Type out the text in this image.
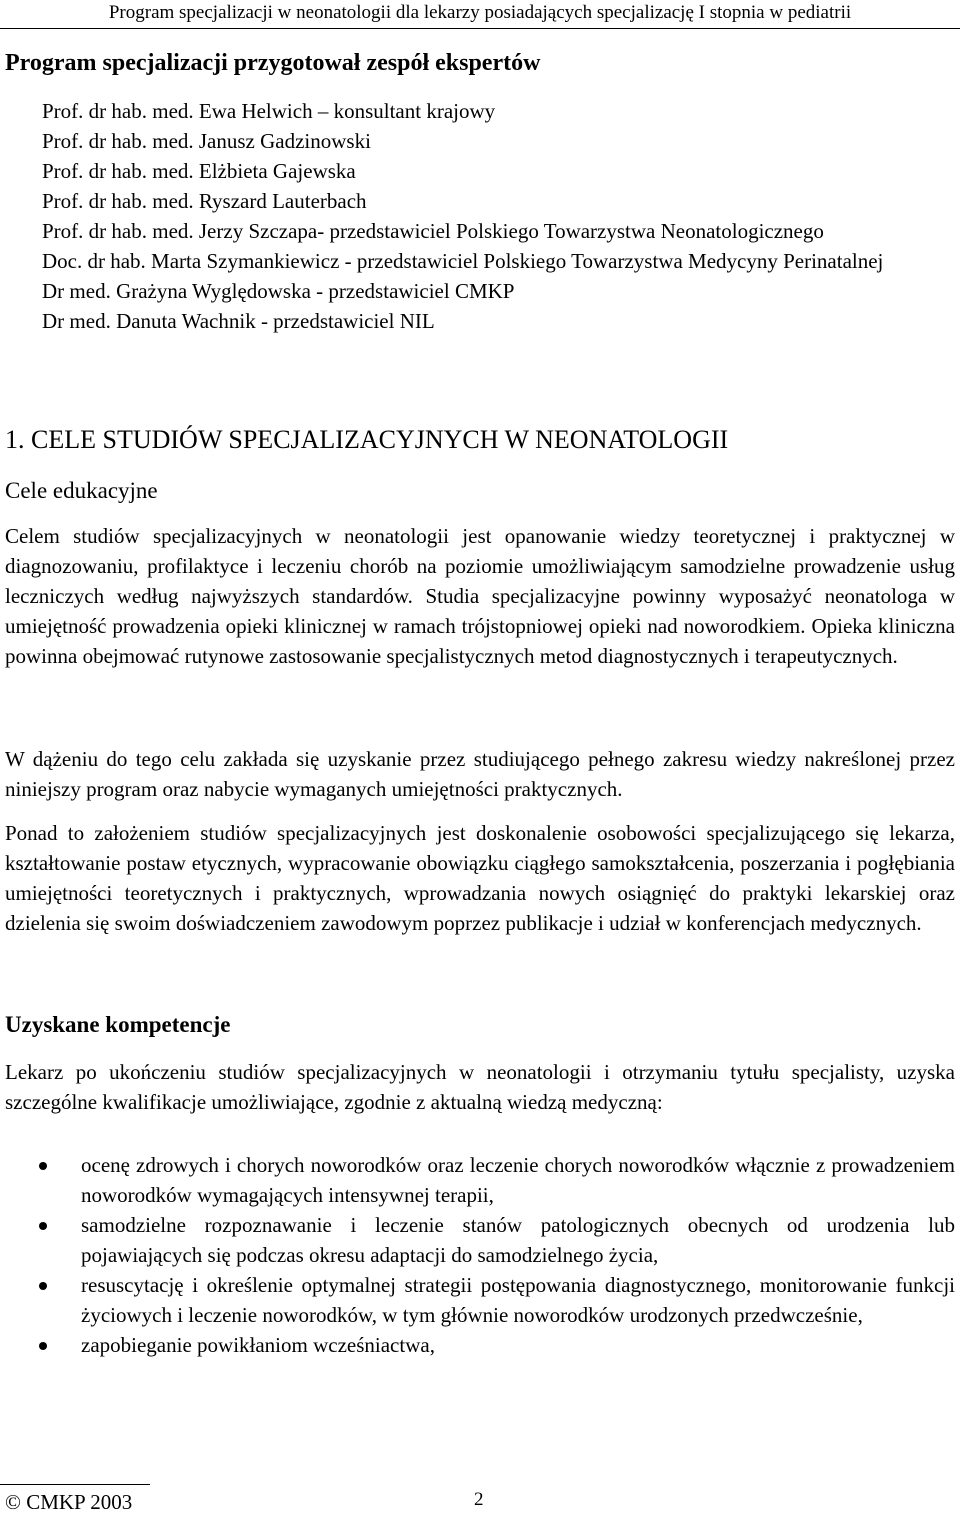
Program specjalizacji w neonatologii dla lekarzy posiadających specjalizację I stopnia w pediatrii
Program specjalizacji przygotował zespół ekspertów
Prof. dr hab. med. Ewa Helwich – konsultant krajowy
Prof. dr hab. med. Janusz Gadzinowski
Prof. dr hab. med. Elżbieta Gajewska
Prof. dr hab. med. Ryszard Lauterbach
Prof. dr hab. med. Jerzy Szczapa- przedstawiciel Polskiego Towarzystwa Neonatologicznego
Doc. dr hab. Marta Szymankiewicz - przedstawiciel Polskiego Towarzystwa Medycyny Perinatalnej
Dr med. Grażyna Wyględowska - przedstawiciel CMKP
Dr med. Danuta Wachnik - przedstawiciel NIL
1. CELE STUDIÓW SPECJALIZACYJNYCH W NEONATOLOGII
Cele edukacyjne

Celem studiów specjalizacyjnych w neonatologii jest opanowanie wiedzy teoretycznej i praktycznej w diagnozowaniu, profilaktyce i leczeniu chorób na poziomie umożliwiającym samodzielne prowadzenie usług leczniczych według najwyższych standardów. Studia specjalizacyjne powinny wyposażyć neonatologa w umiejętność prowadzenia opieki klinicznej w ramach trójstopniowej opieki nad noworodkiem. Opieka kliniczna powinna obejmować rutynowe zastosowanie specjalistycznych metod diagnostycznych i terapeutycznych.

W dążeniu do tego celu zakłada się uzyskanie przez studiującego pełnego zakresu wiedzy nakreślonej przez niniejszy program oraz nabycie wymaganych umiejętności praktycznych.

Ponad to założeniem studiów specjalizacyjnych jest doskonalenie osobowości specjalizującego się lekarza, kształtowanie postaw etycznych, wypracowanie obowiązku ciągłego samokształcenia, poszerzania i pogłębiania umiejętności teoretycznych i praktycznych, wprowadzania nowych osiągnięć do praktyki lekarskiej oraz dzielenia się swoim doświadczeniem zawodowym poprzez publikacje i udział w konferencjach medycznych.

Uzyskane kompetencje

Lekarz po ukończeniu studiów specjalizacyjnych w neonatologii i otrzymaniu tytułu specjalisty, uzyska szczególne kwalifikacje umożliwiające, zgodnie z aktualną wiedzą medyczną:

ocenę zdrowych i chorych noworodków oraz leczenie chorych noworodków włącznie z prowadzeniem noworodków wymagających intensywnej terapii,
samodzielne rozpoznawanie i leczenie stanów patologicznych obecnych od urodzenia lub pojawiających się podczas okresu adaptacji do samodzielnego życia,
resuscytację i określenie optymalnej strategii postępowania diagnostycznego, monitorowanie funkcji życiowych i leczenie noworodków, w tym głównie noworodków urodzonych przedwcześnie,
zapobieganie powikłaniom wcześniactwa,
© CMKP 2003	2
